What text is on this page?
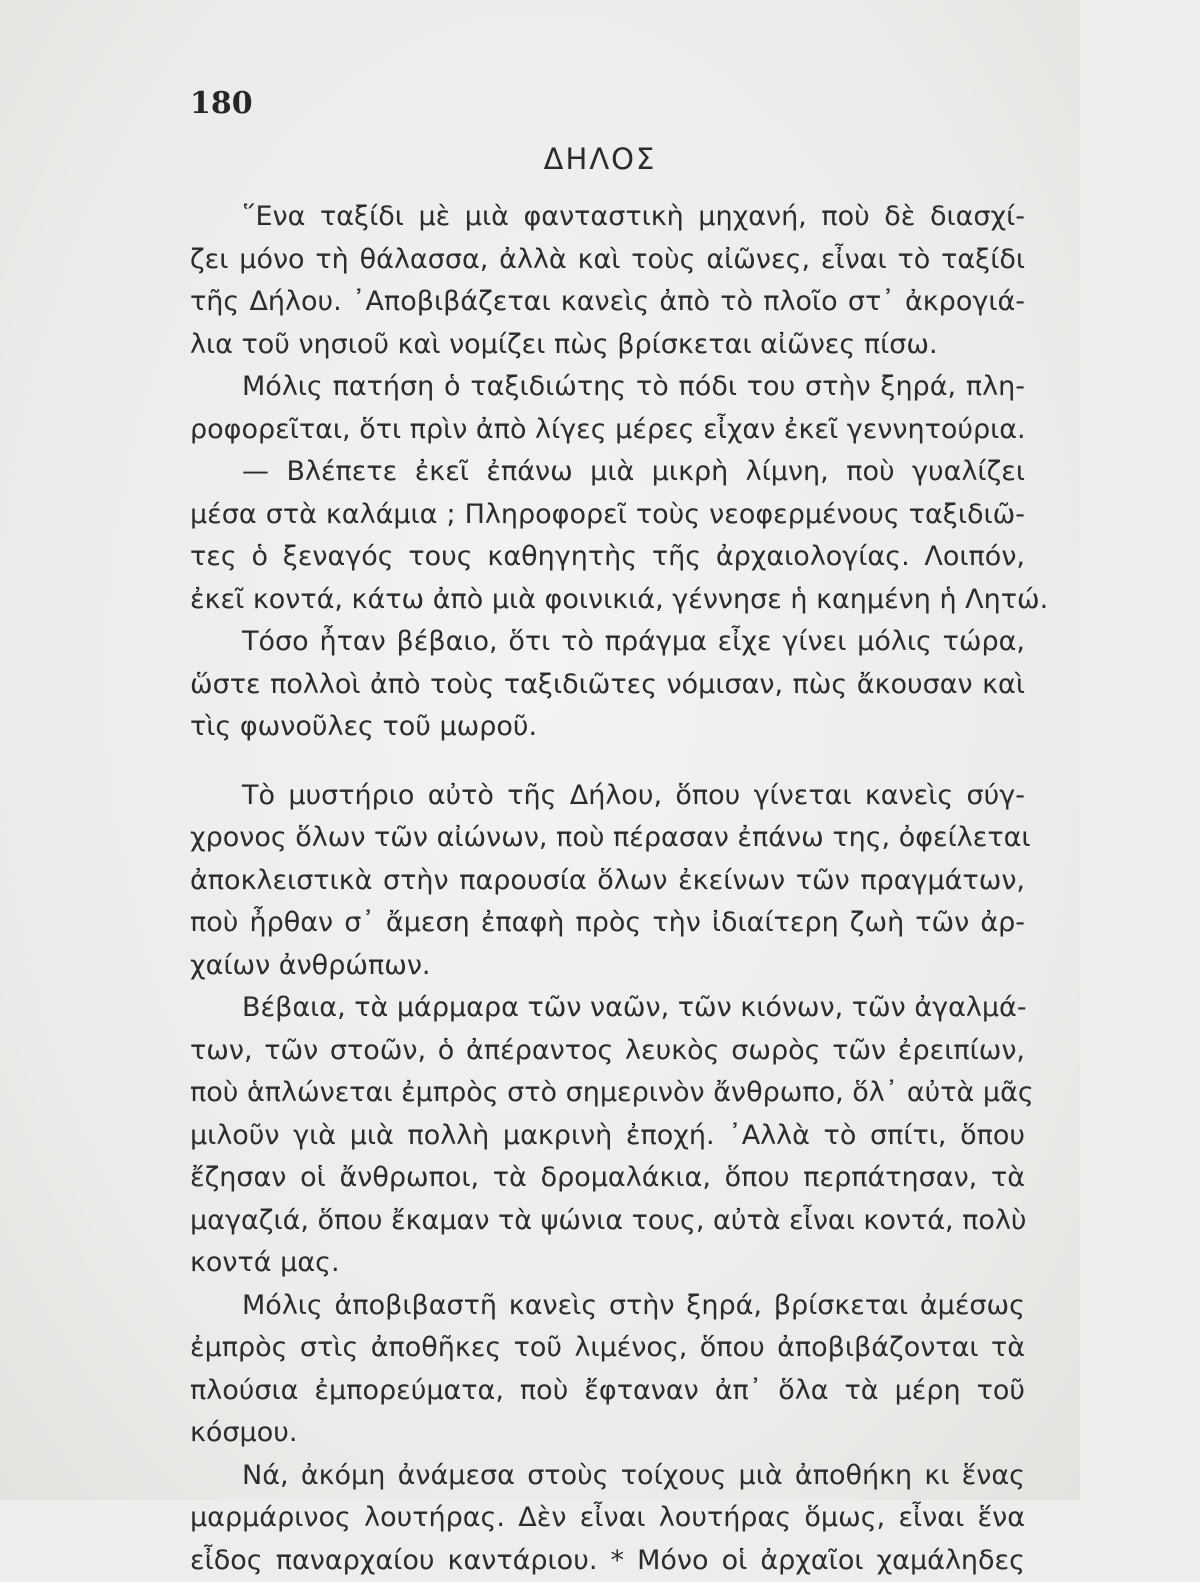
180
ΔΗΛΟΣ
῞Ενα ταξίδι μὲ μιὰ φανταστικὴ μηχανή, ποὺ δὲ διασχί-
ζει μόνο τὴ θάλασσα, ἀλλὰ καὶ τοὺς αἰῶνες, εἶναι τὸ ταξίδι
τῆς Δήλου. ᾿Αποβιβάζεται κανεὶς ἀπὸ τὸ πλοῖο στ᾿ ἀκρογιά-
λια τοῦ νησιοῦ καὶ νομίζει πὼς βρίσκεται αἰῶνες πίσω.
Μόλις πατήση ὁ ταξιδιώτης τὸ πόδι του στὴν ξηρά, πλη-
ροφορεῖται, ὅτι πρὶν ἀπὸ λίγες μέρες εἶχαν ἐκεῖ γεννητούρια.
— Βλέπετε ἐκεῖ ἐπάνω μιὰ μικρὴ λίμνη, ποὺ γυαλίζει
μέσα στὰ καλάμια ; Πληροφορεῖ τοὺς νεοφερμένους ταξιδιῶ-
τες ὁ ξεναγός τους καθηγητὴς τῆς ἀρχαιολογίας. Λοιπόν,
ἐκεῖ κοντά, κάτω ἀπὸ μιὰ φοινικιά, γέννησε ἡ καημένη ἡ Λητώ.
Τόσο ἦταν βέβαιο, ὅτι τὸ πράγμα εἶχε γίνει μόλις τώρα,
ὥστε πολλοὶ ἀπὸ τοὺς ταξιδιῶτες νόμισαν, πὼς ἄκουσαν καὶ
τὶς φωνοῦλες τοῦ μωροῦ.
Τὸ μυστήριο αὐτὸ τῆς Δήλου, ὅπου γίνεται κανεὶς σύγ-
χρονος ὅλων τῶν αἰώνων, ποὺ πέρασαν ἐπάνω της, ὀφείλεται
ἀποκλειστικὰ στὴν παρουσία ὅλων ἐκείνων τῶν πραγμάτων,
ποὺ ἦρθαν σ᾿ ἄμεση ἐπαφὴ πρὸς τὴν ἰδιαίτερη ζωὴ τῶν ἀρ-
χαίων ἀνθρώπων.
Βέβαια, τὰ μάρμαρα τῶν ναῶν, τῶν κιόνων, τῶν ἀγαλμά-
των, τῶν στοῶν, ὁ ἀπέραντος λευκὸς σωρὸς τῶν ἐρειπίων,
ποὺ ἁπλώνεται ἐμπρὸς στὸ σημερινὸν ἄνθρωπο, ὅλ᾿ αὐτὰ μᾶς
μιλοῦν γιὰ μιὰ πολλὴ μακρινὴ ἐποχή. ᾿Αλλὰ τὸ σπίτι, ὅπου
ἔζησαν οἱ ἄνθρωποι, τὰ δρομαλάκια, ὅπου περπάτησαν, τὰ
μαγαζιά, ὅπου ἔκαμαν τὰ ψώνια τους, αὐτὰ εἶναι κοντά, πολὺ
κοντά μας.
Μόλις ἀποβιβαστῆ κανεὶς στὴν ξηρά, βρίσκεται ἀμέσως
ἐμπρὸς στὶς ἀποθῆκες τοῦ λιμένος, ὅπου ἀποβιβάζονται τὰ
πλούσια ἐμπορεύματα, ποὺ ἔφταναν ἀπ᾿ ὅλα τὰ μέρη τοῦ
κόσμου.
Νά, ἀκόμη ἀνάμεσα στοὺς τοίχους μιὰ ἀποθήκη κι ἕνας
μαρμάρινος λουτήρας. Δὲν εἶναι λουτήρας ὅμως, εἶναι ἕνα
εἶδος παναρχαίου καντάριου. * Μόνο οἱ ἀρχαῖοι χαμάληδες
